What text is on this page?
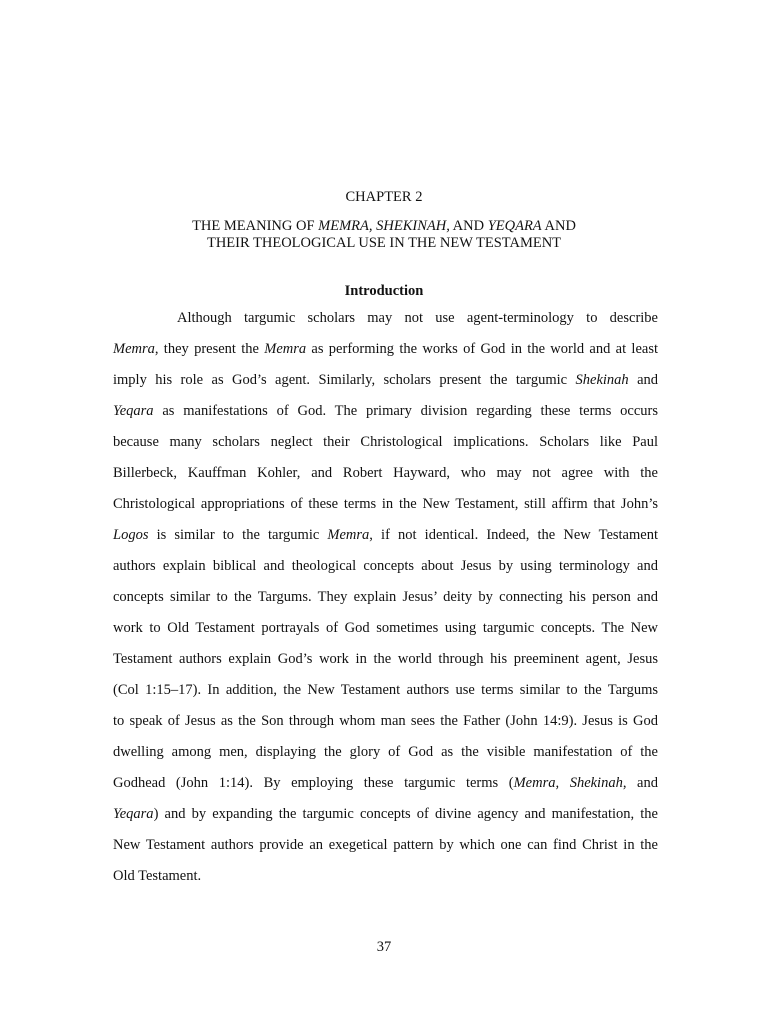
CHAPTER 2
THE MEANING OF MEMRA, SHEKINAH, AND YEQARA AND
THEIR THEOLOGICAL USE IN THE NEW TESTAMENT
Introduction
Although targumic scholars may not use agent-terminology to describe
Memra, they present the Memra as performing the works of God in the world and at least
imply his role as God’s agent. Similarly, scholars present the targumic Shekinah and
Yeqara as manifestations of God. The primary division regarding these terms occurs
because many scholars neglect their Christological implications. Scholars like Paul
Billerbeck, Kauffman Kohler, and Robert Hayward, who may not agree with the
Christological appropriations of these terms in the New Testament, still affirm that John’s
Logos is similar to the targumic Memra, if not identical. Indeed, the New Testament
authors explain biblical and theological concepts about Jesus by using terminology and
concepts similar to the Targums. They explain Jesus’ deity by connecting his person and
work to Old Testament portrayals of God sometimes using targumic concepts. The New
Testament authors explain God’s work in the world through his preeminent agent, Jesus
(Col 1:15–17). In addition, the New Testament authors use terms similar to the Targums
to speak of Jesus as the Son through whom man sees the Father (John 14:9). Jesus is God
dwelling among men, displaying the glory of God as the visible manifestation of the
Godhead (John 1:14). By employing these targumic terms (Memra, Shekinah, and
Yeqara) and by expanding the targumic concepts of divine agency and manifestation, the
New Testament authors provide an exegetical pattern by which one can find Christ in the
Old Testament.
37
